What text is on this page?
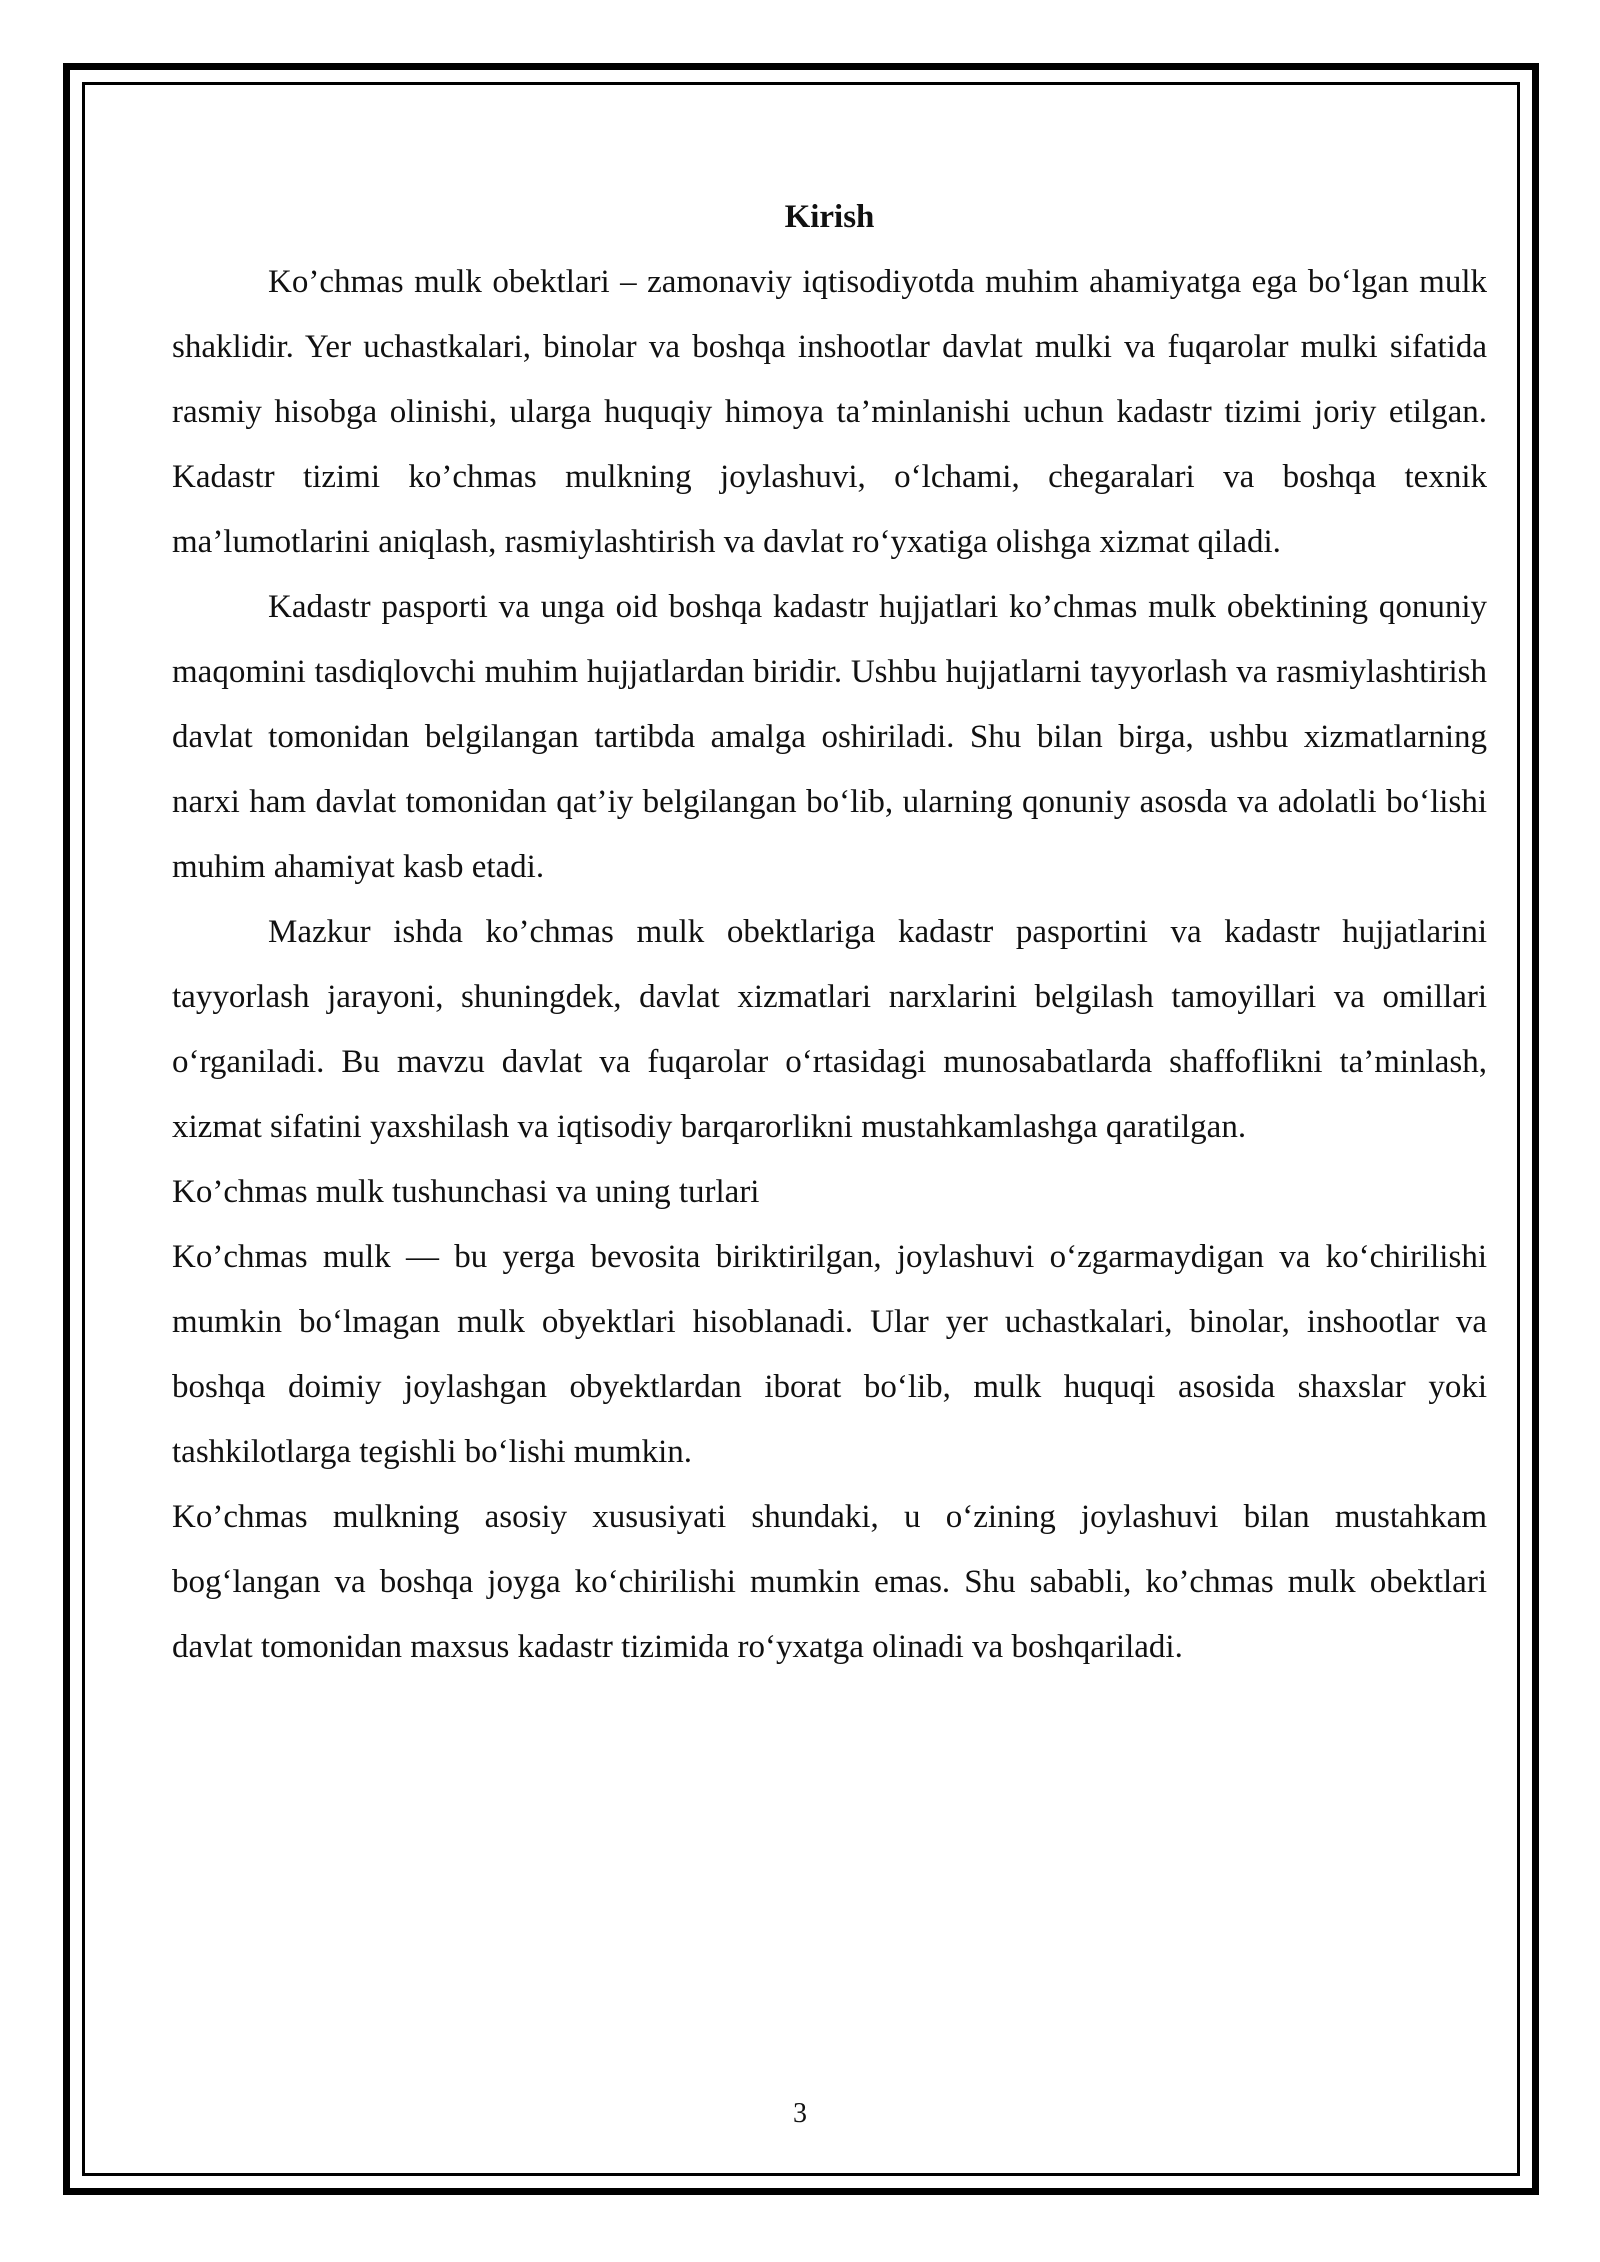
Kirish

Ko’chmas mulk obektlari – zamonaviy iqtisodiyotda muhim ahamiyatga ega bo‘lgan mulk shaklidir. Yer uchastkalari, binolar va boshqa inshootlar davlat mulki va fuqarolar mulki sifatida rasmiy hisobga olinishi, ularga huquqiy himoya ta’minlanishi uchun kadastr tizimi joriy etilgan. Kadastr tizimi ko’chmas mulkning joylashuvi, o‘lchami, chegaralari va boshqa texnik ma’lumotlarini aniqlash, rasmiylashtirish va davlat ro‘yxatiga olishga xizmat qiladi.

Kadastr pasporti va unga oid boshqa kadastr hujjatlari ko’chmas mulk obektining qonuniy maqomini tasdiqlovchi muhim hujjatlardan biridir. Ushbu hujjatlarni tayyorlash va rasmiylashtirish davlat tomonidan belgilangan tartibda amalga oshiriladi. Shu bilan birga, ushbu xizmatlarning narxi ham davlat tomonidan qat’iy belgilangan bo‘lib, ularning qonuniy asosda va adolatli bo‘lishi muhim ahamiyat kasb etadi.

Mazkur ishda ko’chmas mulk obektlariga kadastr pasportini va kadastr hujjatlarini tayyorlash jarayoni, shuningdek, davlat xizmatlari narxlarini belgilash tamoyillari va omillari o‘rganiladi. Bu mavzu davlat va fuqarolar o‘rtasidagi munosabatlarda shaffoflikni ta’minlash, xizmat sifatini yaxshilash va iqtisodiy barqarorlikni mustahkamlashga qaratilgan.

Ko’chmas mulk tushunchasi va uning turlari

Ko’chmas mulk — bu yerga bevosita biriktirilgan, joylashuvi o‘zgarmaydigan va ko‘chirilishi mumkin bo‘lmagan mulk obyektlari hisoblanadi. Ular yer uchastkalari, binolar, inshootlar va boshqa doimiy joylashgan obyektlardan iborat bo‘lib, mulk huquqi asosida shaxslar yoki tashkilotlarga tegishli bo‘lishi mumkin.

Ko’chmas mulkning asosiy xususiyati shundaki, u o‘zining joylashuvi bilan mustahkam bog‘langan va boshqa joyga ko‘chirilishi mumkin emas. Shu sababli, ko’chmas mulk obektlari davlat tomonidan maxsus kadastr tizimida ro‘yxatga olinadi va boshqariladi.

3
